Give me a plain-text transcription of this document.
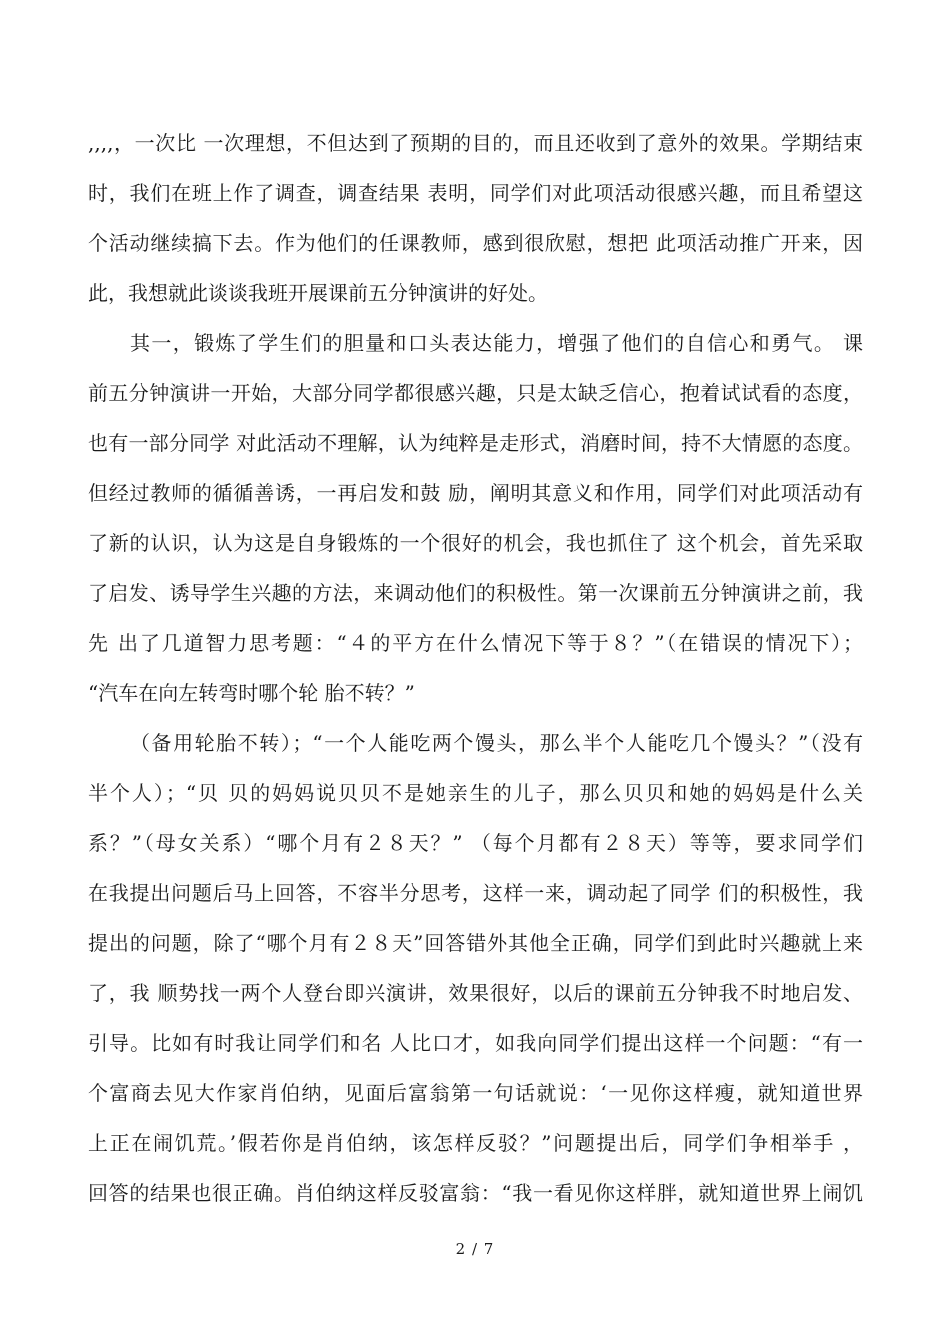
,,,,，一次比 一次理想，不但达到了预期的目的，而且还收到了意外的效果。学期结束
时，我们在班上作了调查，调查结果 表明，同学们对此项活动很感兴趣，而且希望这
个活动继续搞下去。作为他们的任课教师，感到很欣慰，想把 此项活动推广开来，因
此，我想就此谈谈我班开展课前五分钟演讲的好处。
其一，锻炼了学生们的胆量和口头表达能力，增强了他们的自信心和勇气。 课
前五分钟演讲一开始，大部分同学都很感兴趣，只是太缺乏信心，抱着试试看的态度，
也有一部分同学 对此活动不理解，认为纯粹是走形式，消磨时间，持不大情愿的态度。
但经过教师的循循善诱，一再启发和鼓 励，阐明其意义和作用，同学们对此项活动有
了新的认识，认为这是自身锻炼的一个很好的机会，我也抓住了 这个机会，首先采取
了启发、诱导学生兴趣的方法，来调动他们的积极性。第一次课前五分钟演讲之前，我
先 出了几道智力思考题：“４的平方在什么情况下等于８？”（在错误的情况下）；
“汽车在向左转弯时哪个轮 胎不转？”
（备用轮胎不转）；“一个人能吃两个馒头，那么半个人能吃几个馒头？”（没有
半个人）；“贝 贝的妈妈说贝贝不是她亲生的儿子，那么贝贝和她的妈妈是什么关
系？”（母女关系）“哪个月有２８天？” （每个月都有２８天）等等，要求同学们
在我提出问题后马上回答，不容半分思考，这样一来，调动起了同学 们的积极性，我
提出的问题，除了“哪个月有２８天”回答错外其他全正确，同学们到此时兴趣就上来
了，我 顺势找一两个人登台即兴演讲，效果很好，以后的课前五分钟我不时地启发、
引导。比如有时我让同学们和名 人比口才，如我向同学们提出这样一个问题：“有一
个富商去见大作家肖伯纳，见面后富翁第一句话就说：‘一见你这样瘦，就知道世界
上正在闹饥荒。’假若你是肖伯纳，该怎样反驳？”问题提出后，同学们争相举手 ，
回答的结果也很正确。肖伯纳这样反驳富翁：“我一看见你这样胖，就知道世界上闹饥
2 / 7
